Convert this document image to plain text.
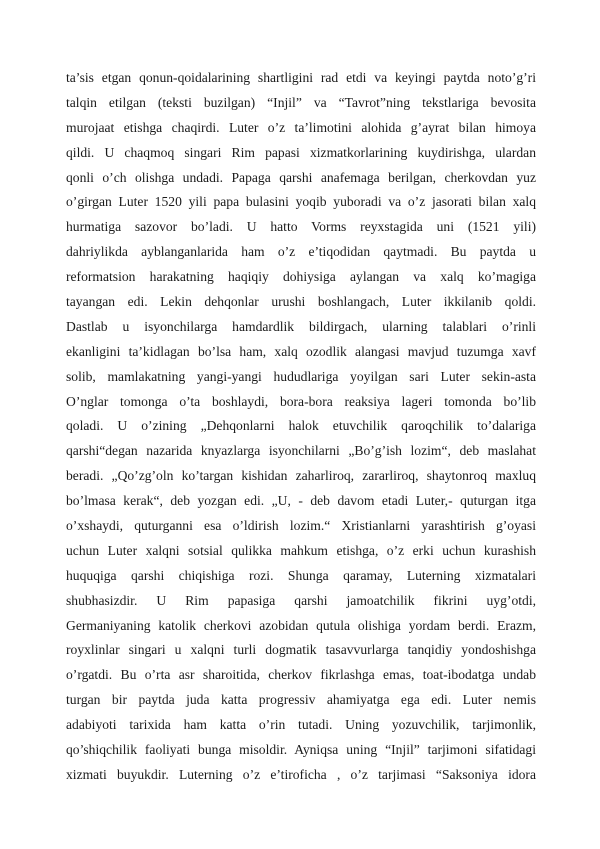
ta’sis etgan qonun-qoidalarining shartligini rad etdi va keyingi paytda noto’g’ri
talqin etilgan (teksti buzilgan) “Injil” va “Tavrot”ning tekstlariga bevosita
murojaat etishga chaqirdi. Luter o’z ta’limotini alohida g’ayrat bilan himoya
qildi. U chaqmoq singari Rim papasi xizmatkorlarining kuydirishga, ulardan
qonli o’ch olishga undadi. Papaga qarshi anafemaga berilgan, cherkovdan yuz
o’girgan Luter 1520 yili papa bulasini yoqib yuboradi va o’z jasorati bilan xalq
hurmatiga sazovor bo’ladi. U hatto Vorms reyxstagida uni (1521 yili)
dahriylikda ayblanganlarida ham o’z e’tiqodidan qaytmadi. Bu paytda u
reformatsion harakatning haqiqiy dohiysiga aylangan va xalq ko’magiga
tayangan edi. Lekin dehqonlar urushi boshlangach, Luter ikkilanib qoldi.
Dastlab u isyonchilarga hamdardlik bildirgach, ularning talablari o’rinli
ekanligini ta’kidlagan bo’lsa ham, xalq ozodlik alangasi mavjud tuzumga xavf
solib, mamlakatning yangi-yangi hududlariga yoyilgan sari Luter sekin-asta
O’nglar tomonga o’ta boshlaydi, bora-bora reaksiya lageri tomonda bo’lib
qoladi. U o’zining „Dehqonlarni halok etuvchilik qaroqchilik to’dalariga
qarshi“degan nazarida knyazlarga isyonchilarni „Bo’g’ish lozim“, deb maslahat
beradi. „Qo’zg’oln ko’targan kishidan zaharliroq, zararliroq, shaytonroq maxluq
bo’lmasa kerak“, deb yozgan edi. „U, - deb davom etadi Luter,- quturgan itga
o’xshaydi, quturganni esa o’ldirish lozim.“ Xristianlarni yarashtirish g’oyasi
uchun Luter xalqni sotsial qulikka mahkum etishga, o’z erki uchun kurashish
huquqiga qarshi chiqishiga rozi. Shunga qaramay, Luterning xizmatalari
shubhasizdir. U Rim papasiga qarshi jamoatchilik fikrini uyg’otdi,
Germaniyaning katolik cherkovi azobidan qutula olishiga yordam berdi. Erazm,
royxlinlar singari u xalqni turli dogmatik tasavvurlarga tanqidiy yondoshishga
o’rgatdi. Bu o’rta asr sharoitida, cherkov fikrlashga emas, toat-ibodatga undab
turgan bir paytda juda katta progressiv ahamiyatga ega edi. Luter nemis
adabiyoti tarixida ham katta o’rin tutadi. Uning yozuvchilik, tarjimonlik,
qo’shiqchilik faoliyati bunga misoldir. Ayniqsa uning “Injil” tarjimoni sifatidagi
xizmati buyukdir. Luterning o’z e’tirofiсha , o’z tarjimasi “Saksoniya idora
